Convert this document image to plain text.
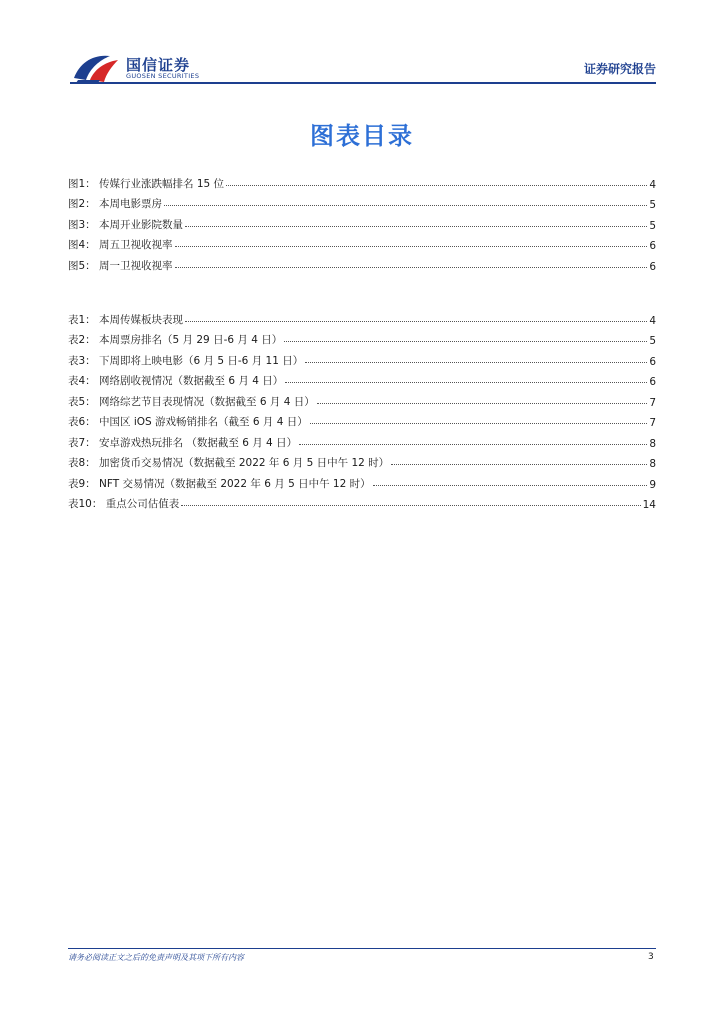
国信证券
GUOSEN SECURITIES	证券研究报告
图表目录
图1： 传媒行业涨跌幅排名 15 位	4
图2： 本周电影票房	5
图3： 本周开业影院数量	5
图4： 周五卫视收视率	6
图5： 周一卫视收视率	6
表1： 本周传媒板块表现	4
表2： 本周票房排名（5 月 29 日-6 月 4 日）	5
表3： 下周即将上映电影（6 月 5 日-6 月 11 日）	6
表4： 网络剧收视情况（数据截至 6 月 4 日）	6
表5： 网络综艺节目表现情况（数据截至 6 月 4 日）	7
表6： 中国区 iOS 游戏畅销排名（截至 6 月 4 日）	7
表7： 安卓游戏热玩排名 （数据截至 6 月 4 日）	8
表8： 加密货币交易情况（数据截至 2022 年 6 月 5 日中午 12 时）	8
表9： NFT 交易情况（数据截至 2022 年 6 月 5 日中午 12 时）	9
表10： 重点公司估值表	14
请务必阅读正文之后的免责声明及其项下所有内容	3
